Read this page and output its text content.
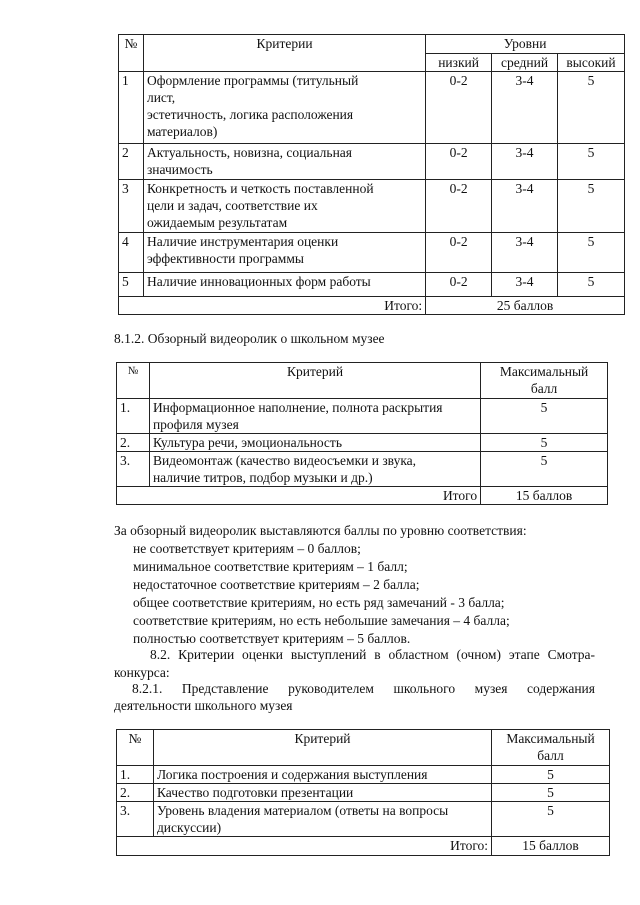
№	Критерии	Уровни		
		низкий	средний	высокий
1	Оформление программы (титульный
лист,
эстетичность, логика расположения
материалов)	0-2	3-4	5
2	Актуальность, новизна, социальная
значимость	0-2	3-4	5
3	Конкретность и четкость поставленной
цели и задач, соответствие их
ожидаемым результатам	0-2	3-4	5
4	Наличие инструментария оценки
эффективности программы	0-2	3-4	5
5	Наличие инновационных форм работы	0-2	3-4	5
Итого:		25 баллов		
8.1.2. Обзорный видеоролик о школьном музее
№	Критерий	Максимальный
балл

1.	Информационное наполнение, полнота раскрытия
профиля музея	5
2.	Культура речи, эмоциональность	5
3.	Видеомонтаж (качество видеосъемки и звука,
наличие титров, подбор музыки и др.)	5
Итого		15 баллов
За обзорный видеоролик выставляются баллы по уровню соответствия:
не соответствует критериям – 0 баллов;
минимальное соответствие критериям – 1 балл;
недостаточное соответствие критериям – 2 балла;
общее соответствие критериям, но есть ряд замечаний - 3 балла;
соответствие критериям, но есть небольшие замечания – 4 балла;
полностью соответствует критериям – 5 баллов.
8.2. Критерии оценки выступлений в областном (очном) этапе Смотра-
конкурса:
8.2.1. Представление руководителем школьного музея содержания
деятельности школьного музея
№	Критерий	Максимальный
балл

1.	Логика построения и содержания выступления	5
2.	Качество подготовки презентации	5
3.	Уровень владения материалом (ответы на вопросы
дискуссии)	5
Итого:		15 баллов
